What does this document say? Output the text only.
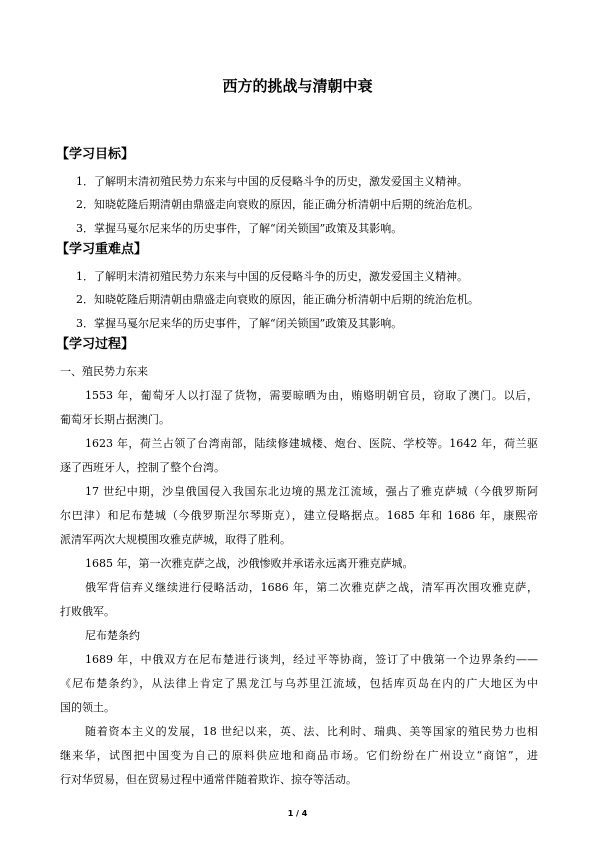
西方的挑战与清朝中衰
【学习目标】
1．了解明末清初殖民势力东来与中国的反侵略斗争的历史，激发爱国主义精神。
2．知晓乾隆后期清朝由鼎盛走向衰败的原因，能正确分析清朝中后期的统治危机。
3．掌握马戛尔尼来华的历史事件，了解“闭关锁国”政策及其影响。
【学习重难点】
1．了解明末清初殖民势力东来与中国的反侵略斗争的历史，激发爱国主义精神。
2．知晓乾隆后期清朝由鼎盛走向衰败的原因，能正确分析清朝中后期的统治危机。
3．掌握马戛尔尼来华的历史事件，了解“闭关锁国”政策及其影响。
【学习过程】
一、殖民势力东来
1553 年，葡萄牙人以打湿了货物，需要晾晒为由，贿赂明朝官员，窃取了澳门。以后，
葡萄牙长期占据澳门。
1623 年，荷兰占领了台湾南部，陆续修建城楼、炮台、医院、学校等。1642 年，荷兰驱
逐了西班牙人，控制了整个台湾。
17 世纪中期，沙皇俄国侵入我国东北边境的黑龙江流域，强占了雅克萨城（今俄罗斯阿
尔巴津）和尼布楚城（今俄罗斯涅尔琴斯克），建立侵略据点。1685 年和 1686 年，康熙帝
派清军两次大规模围攻雅克萨城，取得了胜利。
1685 年，第一次雅克萨之战，沙俄惨败并承诺永远离开雅克萨城。
俄军背信弃义继续进行侵略活动，1686 年，第二次雅克萨之战，清军再次围攻雅克萨，
打败俄军。
尼布楚条约
1689 年，中俄双方在尼布楚进行谈判，经过平等协商，签订了中俄第一个边界条约——
《尼布楚条约》，从法律上肯定了黑龙江与乌苏里江流域，包括库页岛在内的广大地区为中
国的领土。
随着资本主义的发展，18 世纪以来，英、法、比利时、瑞典、美等国家的殖民势力也相
继来华，试图把中国变为自己的原料供应地和商品市场。它们纷纷在广州设立“商馆”，进
行对华贸易，但在贸易过程中通常伴随着欺诈、掠夺等活动。
1 / 4
